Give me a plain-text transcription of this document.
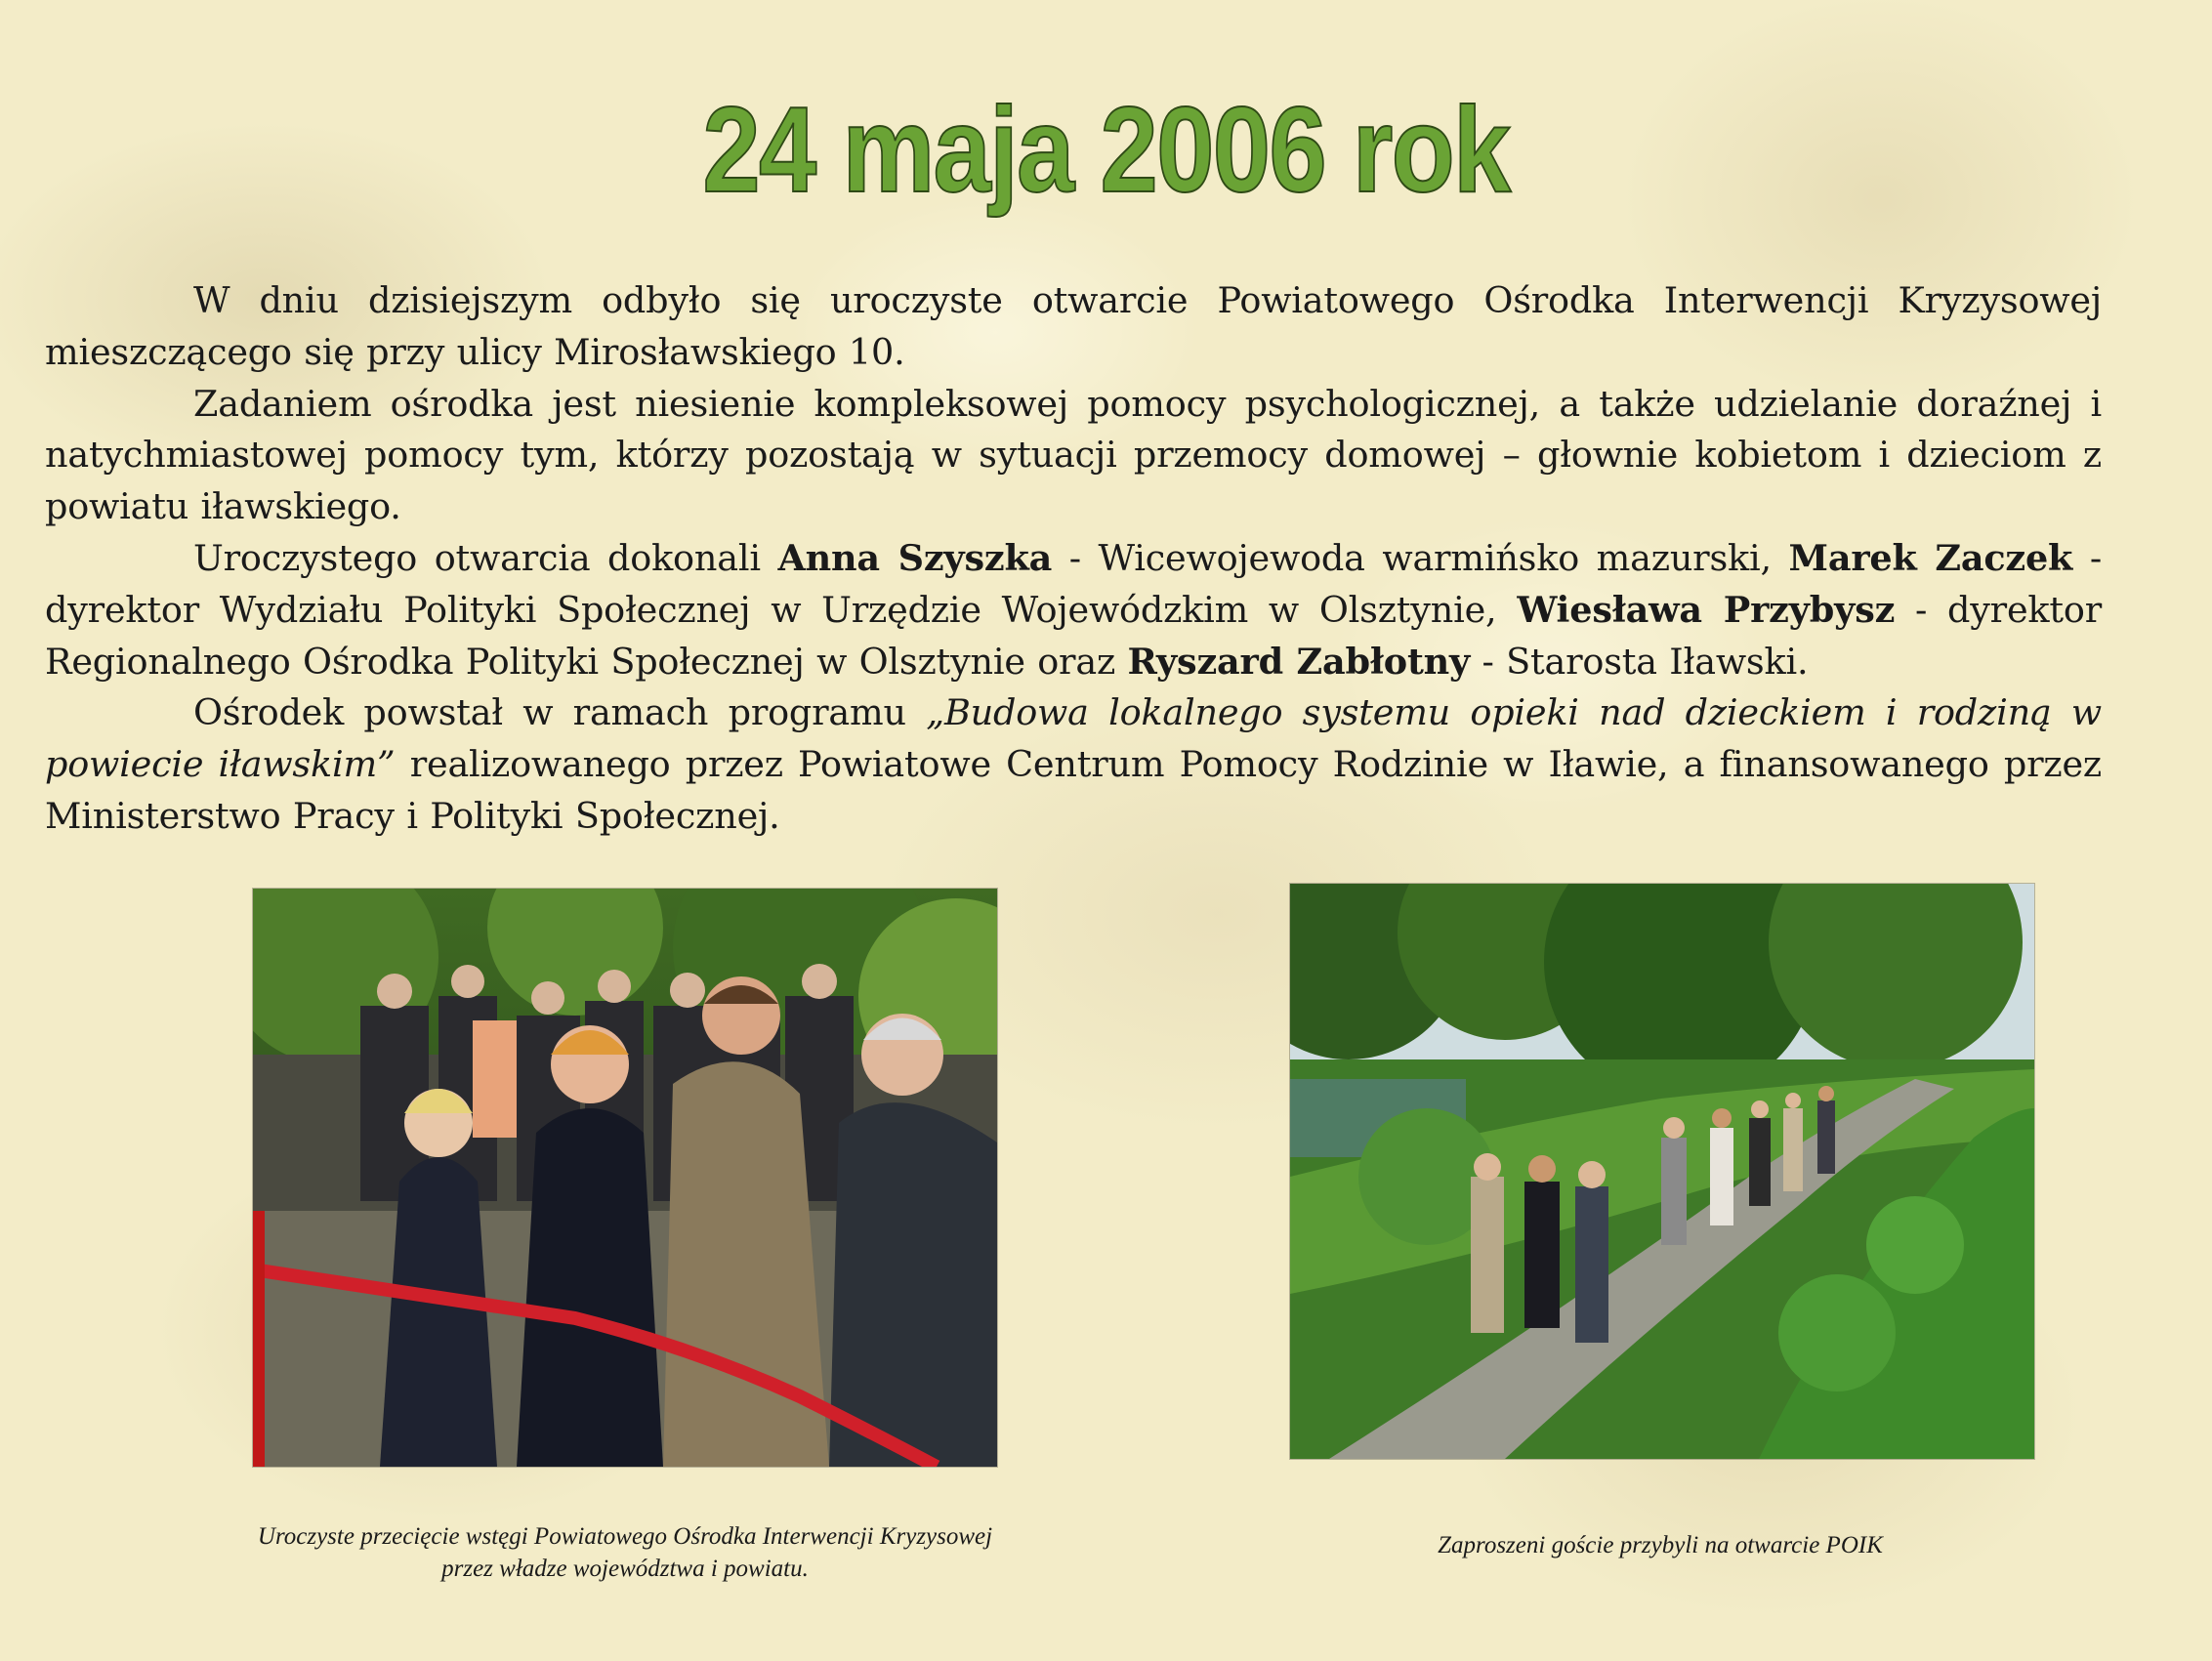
24 maja 2006 rok

W dniu dzisiejszym odbyło się uroczyste otwarcie Powiatowego Ośrodka Interwencji Kryzysowej mieszczącego się przy ulicy Mirosławskiego 10.

Zadaniem ośrodka jest niesienie kompleksowej pomocy psychologicznej, a także udzielanie doraźnej i natychmiastowej pomocy tym, którzy pozostają w sytuacji przemocy domowej – głownie kobietom i dzieciom z powiatu iławskiego.

Uroczystego otwarcia dokonali Anna Szyszka - Wicewojewoda warmińsko mazurski, Marek Zaczek - dyrektor Wydziału Polityki Społecznej w Urzędzie Wojewódzkim w Olsztynie, Wiesława Przybysz - dyrektor Regionalnego Ośrodka Polityki Społecznej w Olsztynie oraz Ryszard Zabłotny - Starosta Iławski.

Ośrodek powstał w ramach programu „Budowa lokalnego systemu opieki nad dzieckiem i rodziną w powiecie iławskim” realizowanego przez Powiatowe Centrum Pomocy Rodzinie w Iławie, a finansowanego przez Ministerstwo Pracy i Polityki Społecznej.

Uroczyste przecięcie wstęgi Powiatowego Ośrodka Interwencji Kryzysowej przez władze województwa i powiatu.
Zaproszeni goście przybyli na otwarcie POIK
